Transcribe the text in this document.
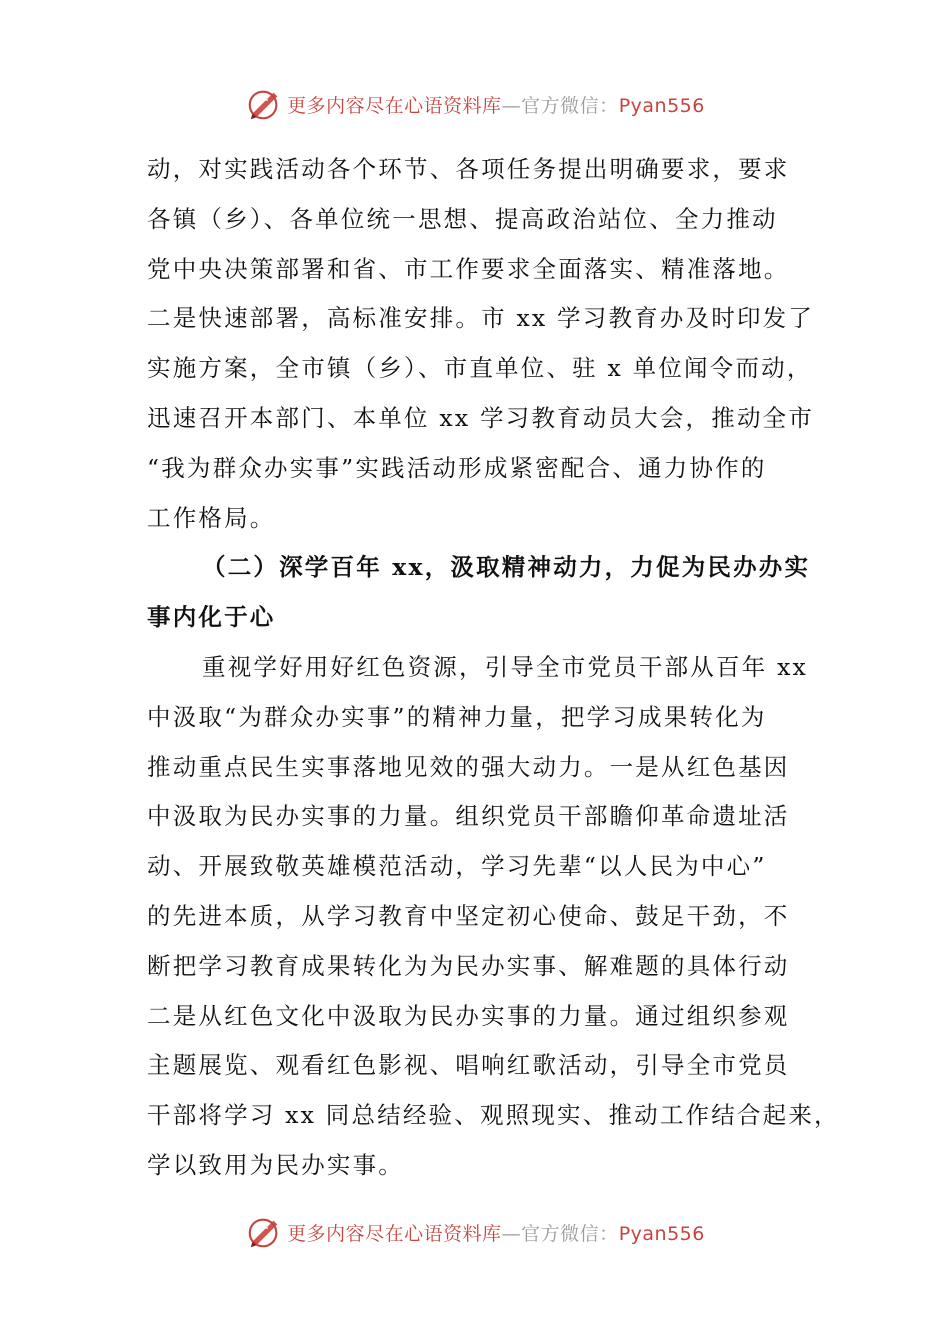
更多内容尽在心语资料库—官方微信：Pyan556
动，对实践活动各个环节、各项任务提出明确要求，要求
各镇（乡）、各单位统一思想、提高政治站位、全力推动
党中央决策部署和省、市工作要求全面落实、精准落地。
二是快速部署，高标准安排。市 xx 学习教育办及时印发了
实施方案，全市镇（乡）、市直单位、驻 x 单位闻令而动，
迅速召开本部门、本单位 xx 学习教育动员大会，推动全市
“我为群众办实事”实践活动形成紧密配合、通力协作的
工作格局。
（二）深学百年 xx，汲取精神动力，力促为民办办实
事内化于心
重视学好用好红色资源，引导全市党员干部从百年 xx
中汲取“为群众办实事”的精神力量，把学习成果转化为
推动重点民生实事落地见效的强大动力。一是从红色基因
中汲取为民办实事的力量。组织党员干部瞻仰革命遗址活
动、开展致敬英雄模范活动，学习先辈“以人民为中心”
的先进本质，从学习教育中坚定初心使命、鼓足干劲，不
断把学习教育成果转化为为民办实事、解难题的具体行动
二是从红色文化中汲取为民办实事的力量。通过组织参观
主题展览、观看红色影视、唱响红歌活动，引导全市党员
干部将学习 xx 同总结经验、观照现实、推动工作结合起来，
学以致用为民办实事。
更多内容尽在心语资料库—官方微信：Pyan556
